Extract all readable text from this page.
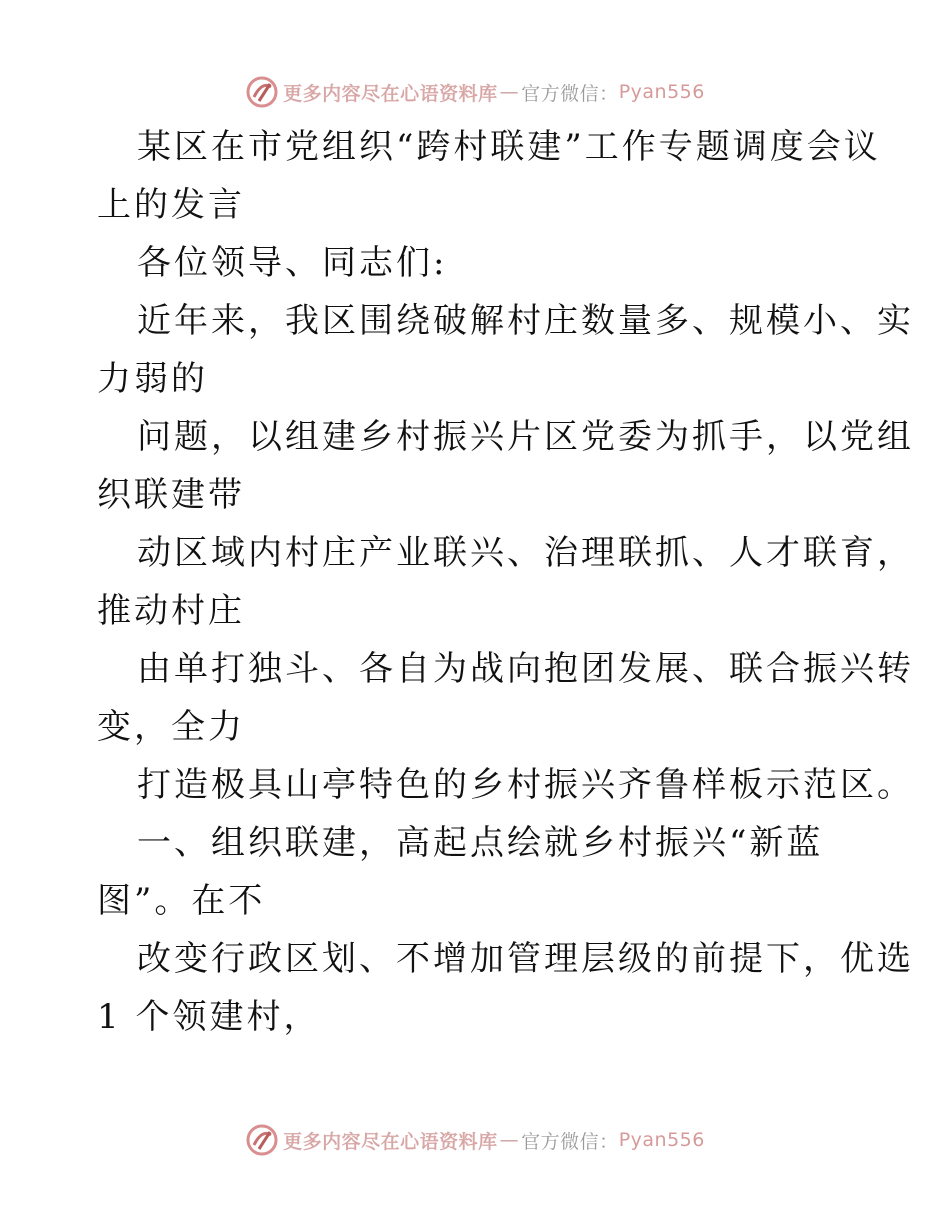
更多内容尽在心语资料库 — 官方微信： Pyan556
某区在市党组织“跨村联建”工作专题调度会议
上的发言
各位领导、同志们:
近年来，我区围绕破解村庄数量多、规模小、实
力弱的
问题，以组建乡村振兴片区党委为抓手，以党组
织联建带
动区域内村庄产业联兴、治理联抓、人才联育，
推动村庄
由单打独斗、各自为战向抱团发展、联合振兴转
变，全力
打造极具山亭特色的乡村振兴齐鲁样板示范区。
一、组织联建，高起点绘就乡村振兴“新蓝
图”。在不
改变行政区划、不增加管理层级的前提下，优选
1 个领建村，
更多内容尽在心语资料库 — 官方微信： Pyan556
